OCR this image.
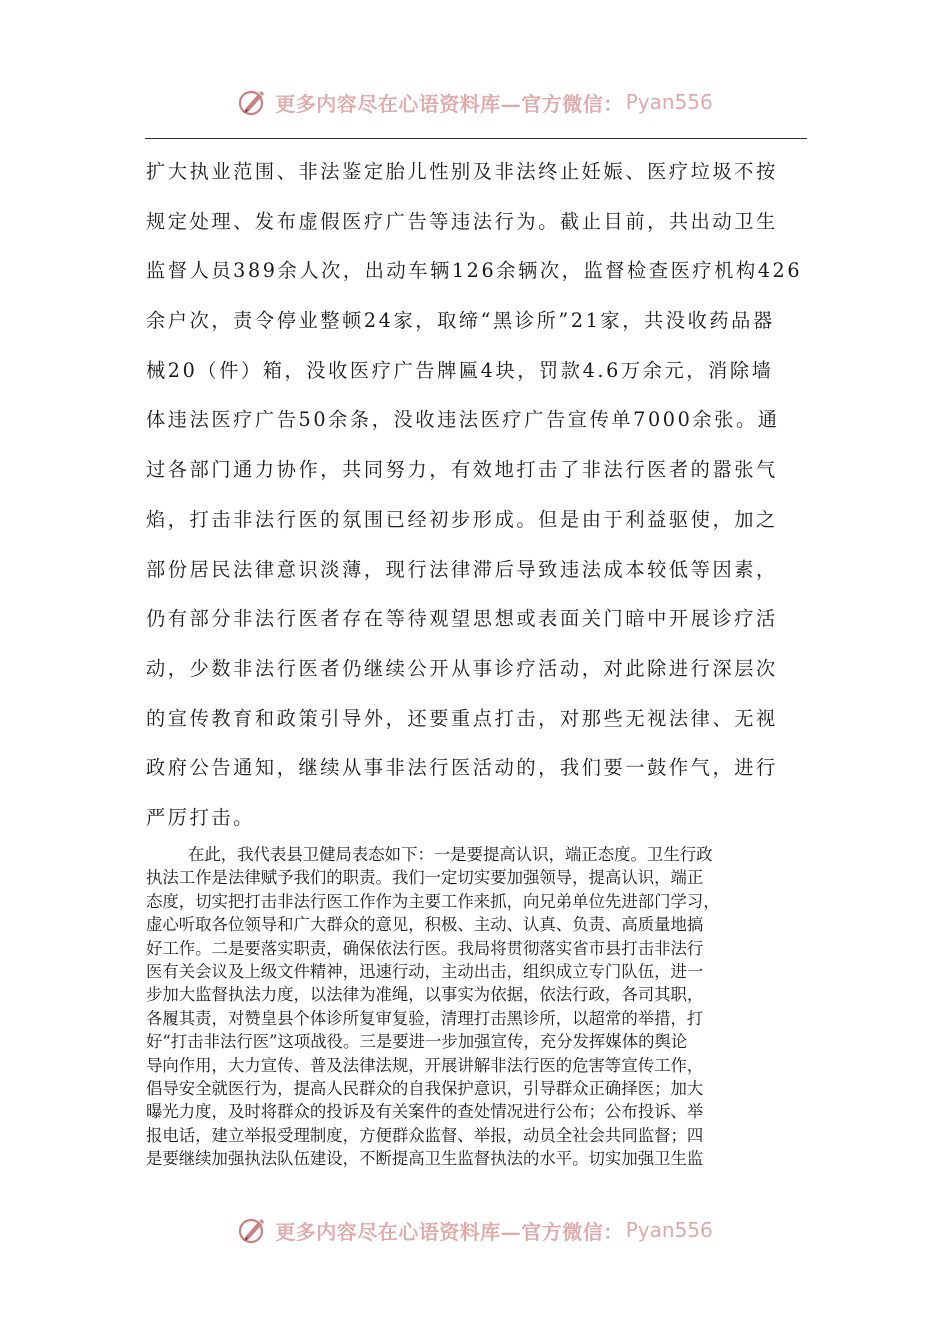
更多内容尽在心语资料库—官方微信： Pyan556
扩大执业范围、非法鉴定胎儿性别及非法终止妊娠、医疗垃圾不按
规定处理、发布虚假医疗广告等违法行为。截止目前，共出动卫生
监督人员389余人次，出动车辆126余辆次，监督检查医疗机构426
余户次，责令停业整顿24家，取缔“黑诊所”21家，共没收药品器
械20（件）箱，没收医疗广告牌匾4块，罚款4.6万余元，消除墙
体违法医疗广告50余条，没收违法医疗广告宣传单7000余张。通
过各部门通力协作，共同努力，有效地打击了非法行医者的嚣张气
焰，打击非法行医的氛围已经初步形成。但是由于利益驱使，加之
部份居民法律意识淡薄，现行法律滞后导致违法成本较低等因素，
仍有部分非法行医者存在等待观望思想或表面关门暗中开展诊疗活
动，少数非法行医者仍继续公开从事诊疗活动，对此除进行深层次
的宣传教育和政策引导外，还要重点打击，对那些无视法律、无视
政府公告通知，继续从事非法行医活动的，我们要一鼓作气，进行
严厉打击。
在此，我代表县卫健局表态如下：一是要提高认识，端正态度。卫生行政
执法工作是法律赋予我们的职责。我们一定切实要加强领导，提高认识，端正
态度，切实把打击非法行医工作作为主要工作来抓，向兄弟单位先进部门学习，
虚心听取各位领导和广大群众的意见，积极、主动、认真、负责、高质量地搞
好工作。二是要落实职责，确保依法行医。我局将贯彻落实省市县打击非法行
医有关会议及上级文件精神，迅速行动，主动出击，组织成立专门队伍，进一
步加大监督执法力度，以法律为准绳，以事实为依据，依法行政，各司其职，
各履其责，对赞皇县个体诊所复审复验，清理打击黑诊所，以超常的举措，打
好“打击非法行医”这项战役。三是要进一步加强宣传，充分发挥媒体的舆论
导向作用，大力宣传、普及法律法规，开展讲解非法行医的危害等宣传工作，
倡导安全就医行为，提高人民群众的自我保护意识，引导群众正确择医；加大
曝光力度，及时将群众的投诉及有关案件的查处情况进行公布；公布投诉、举
报电话，建立举报受理制度，方便群众监督、举报，动员全社会共同监督；四
是要继续加强执法队伍建设，不断提高卫生监督执法的水平。切实加强卫生监
更多内容尽在心语资料库—官方微信： Pyan556
